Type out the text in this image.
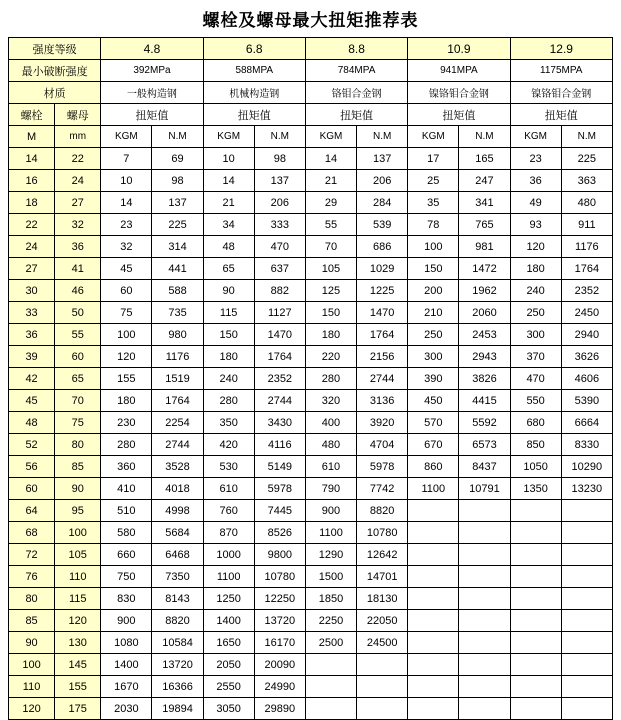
螺栓及螺母最大扭矩推荐表
强度等级		4.8		6.8		8.8		10.9		12.9	
最小破断强度		392MPa		588MPA		784MPA		941MPA		1175MPA	
材质		一般构造钢		机械构造钢		铬钼合金钢		镍铬钼合金钢		镍铬钼合金钢	
螺栓	螺母	扭矩值		扭矩值		扭矩值		扭矩值		扭矩值	
M	mm	KGM	N.M	KGM	N.M	KGM	N.M	KGM	N.M	KGM	N.M
14	22	7	69	10	98	14	137	17	165	23	225
16	24	10	98	14	137	21	206	25	247	36	363
18	27	14	137	21	206	29	284	35	341	49	480
22	32	23	225	34	333	55	539	78	765	93	911
24	36	32	314	48	470	70	686	100	981	120	1176
27	41	45	441	65	637	105	1029	150	1472	180	1764
30	46	60	588	90	882	125	1225	200	1962	240	2352
33	50	75	735	115	1127	150	1470	210	2060	250	2450
36	55	100	980	150	1470	180	1764	250	2453	300	2940
39	60	120	1176	180	1764	220	2156	300	2943	370	3626
42	65	155	1519	240	2352	280	2744	390	3826	470	4606
45	70	180	1764	280	2744	320	3136	450	4415	550	5390
48	75	230	2254	350	3430	400	3920	570	5592	680	6664
52	80	280	2744	420	4116	480	4704	670	6573	850	8330
56	85	360	3528	530	5149	610	5978	860	8437	1050	10290
60	90	410	4018	610	5978	790	7742	1100	10791	1350	13230
64	95	510	4998	760	7445	900	8820				
68	100	580	5684	870	8526	1100	10780				
72	105	660	6468	1000	9800	1290	12642				
76	110	750	7350	1100	10780	1500	14701				
80	115	830	8143	1250	12250	1850	18130				
85	120	900	8820	1400	13720	2250	22050				
90	130	1080	10584	1650	16170	2500	24500				
100	145	1400	13720	2050	20090						
110	155	1670	16366	2550	24990						
120	175	2030	19894	3050	29890						
